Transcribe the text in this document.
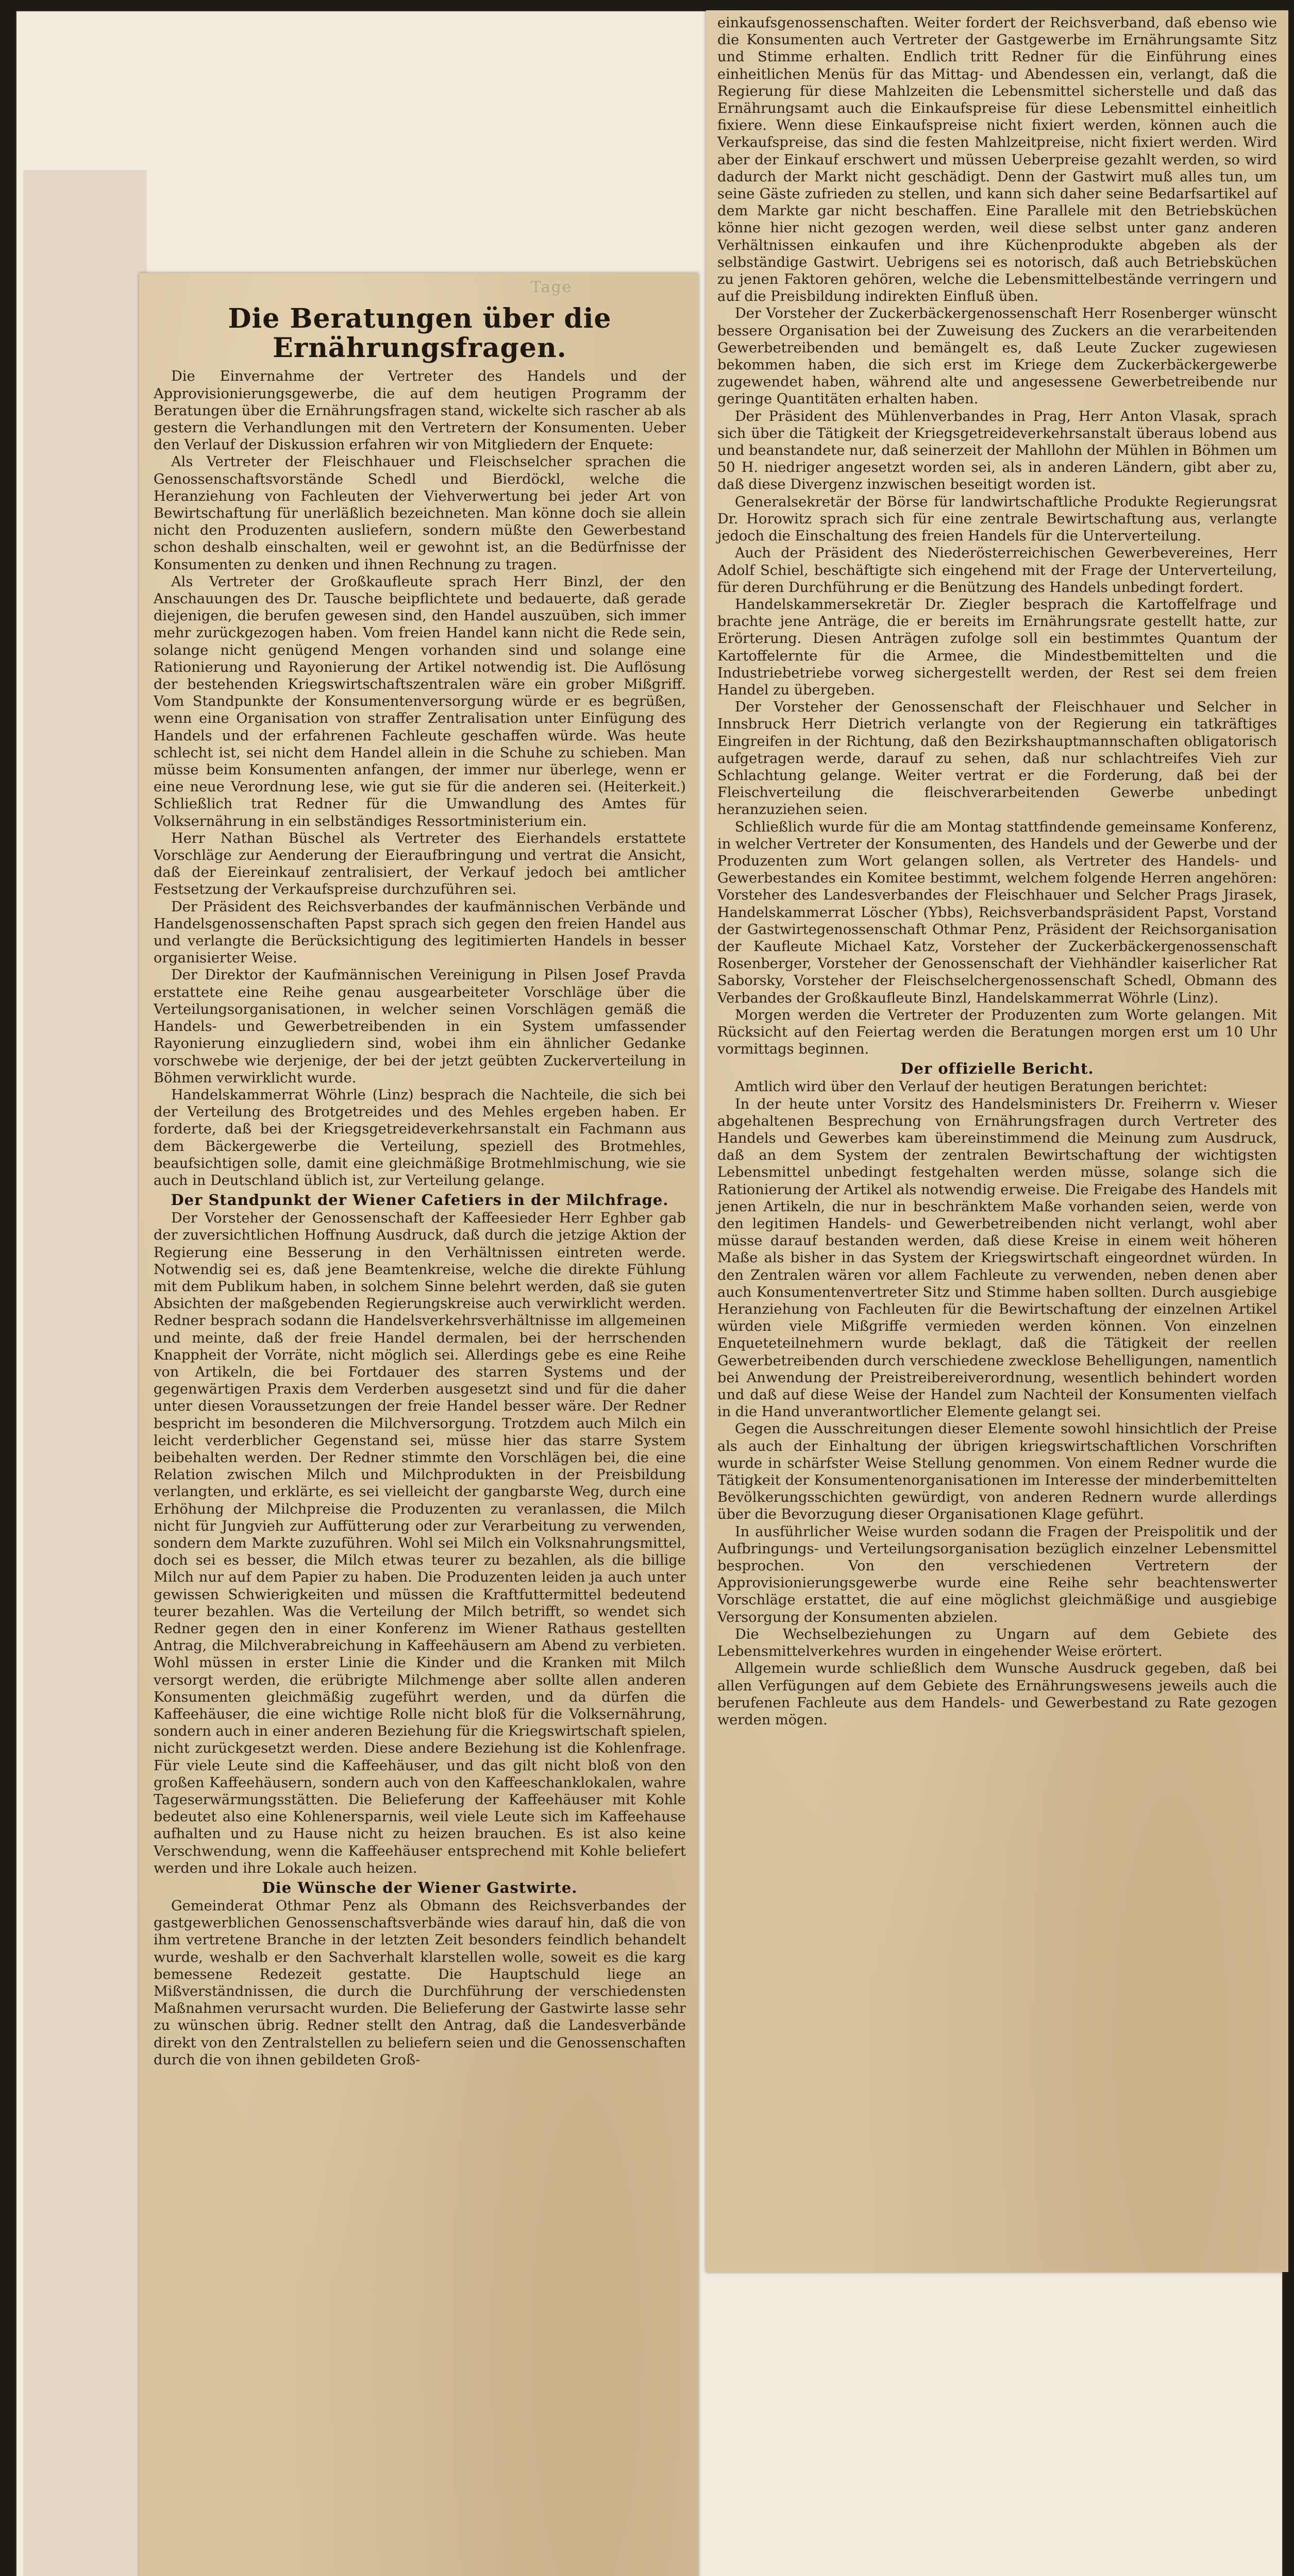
Tage
Die Beratungen über die Ernährungsfragen.

Die Einvernahme der Vertreter des Handels und der Approvisionierungsgewerbe, die auf dem heutigen Programm der Beratungen über die Ernährungsfragen stand, wickelte sich rascher ab als gestern die Verhandlungen mit den Vertretern der Konsumenten. Ueber den Verlauf der Diskussion erfahren wir von Mitgliedern der Enquete:

Als Vertreter der Fleischhauer und Fleischselcher sprachen die Genossenschaftsvorstände Schedl und Bierdöckl, welche die Heranziehung von Fachleuten der Viehverwertung bei jeder Art von Bewirtschaftung für unerläßlich bezeichneten. Man könne doch sie allein nicht den Produzenten ausliefern, sondern müßte den Gewerbestand schon deshalb einschalten, weil er gewohnt ist, an die Bedürfnisse der Konsumenten zu denken und ihnen Rechnung zu tragen.

Als Vertreter der Großkaufleute sprach Herr Binzl, der den Anschauungen des Dr. Tausche beipflichtete und bedauerte, daß gerade diejenigen, die berufen gewesen sind, den Handel auszuüben, sich immer mehr zurückgezogen haben. Vom freien Handel kann nicht die Rede sein, solange nicht genügend Mengen vorhanden sind und solange eine Rationierung und Rayonierung der Artikel notwendig ist. Die Auflösung der bestehenden Kriegswirtschaftszentralen wäre ein grober Mißgriff. Vom Standpunkte der Konsumentenversorgung würde er es begrüßen, wenn eine Organisation von straffer Zentralisation unter Einfügung des Handels und der erfahrenen Fachleute geschaffen würde. Was heute schlecht ist, sei nicht dem Handel allein in die Schuhe zu schieben. Man müsse beim Konsumenten anfangen, der immer nur überlege, wenn er eine neue Verordnung lese, wie gut sie für die anderen sei. (Heiterkeit.) Schließlich trat Redner für die Umwandlung des Amtes für Volksernährung in ein selbständiges Ressortministerium ein.

Herr Nathan Büschel als Vertreter des Eierhandels erstattete Vorschläge zur Aenderung der Eieraufbringung und vertrat die Ansicht, daß der Eiereinkauf zentralisiert, der Verkauf jedoch bei amtlicher Festsetzung der Verkaufspreise durchzuführen sei.

Der Präsident des Reichsverbandes der kaufmännischen Verbände und Handelsgenossenschaften Papst sprach sich gegen den freien Handel aus und verlangte die Berücksichtigung des legitimierten Handels in besser organisierter Weise.

Der Direktor der Kaufmännischen Vereinigung in Pilsen Josef Pravda erstattete eine Reihe genau ausgearbeiteter Vorschläge über die Verteilungsorganisationen, in welcher seinen Vorschlägen gemäß die Handels- und Gewerbetreibenden in ein System umfassender Rayonierung einzugliedern sind, wobei ihm ein ähnlicher Gedanke vorschwebe wie derjenige, der bei der jetzt geübten Zuckerverteilung in Böhmen verwirklicht wurde.

Handelskammerrat Wöhrle (Linz) besprach die Nachteile, die sich bei der Verteilung des Brotgetreides und des Mehles ergeben haben. Er forderte, daß bei der Kriegsgetreideverkehrsanstalt ein Fachmann aus dem Bäckergewerbe die Verteilung, speziell des Brotmehles, beaufsichtigen solle, damit eine gleichmäßige Brotmehlmischung, wie sie auch in Deutschland üblich ist, zur Verteilung gelange.

Der Standpunkt der Wiener Cafetiers in der Milchfrage.

Der Vorsteher der Genossenschaft der Kaffeesieder Herr Eghber gab der zuversichtlichen Hoffnung Ausdruck, daß durch die jetzige Aktion der Regierung eine Besserung in den Verhältnissen eintreten werde. Notwendig sei es, daß jene Beamtenkreise, welche die direkte Fühlung mit dem Publikum haben, in solchem Sinne belehrt werden, daß sie guten Absichten der maßgebenden Regierungskreise auch verwirklicht werden. Redner besprach sodann die Handelsverkehrsverhältnisse im allgemeinen und meinte, daß der freie Handel dermalen, bei der herrschenden Knappheit der Vorräte, nicht möglich sei. Allerdings gebe es eine Reihe von Artikeln, die bei Fortdauer des starren Systems und der gegenwärtigen Praxis dem Verderben ausgesetzt sind und für die daher unter diesen Voraussetzungen der freie Handel besser wäre. Der Redner bespricht im besonderen die Milchversorgung. Trotzdem auch Milch ein leicht verderblicher Gegenstand sei, müsse hier das starre System beibehalten werden. Der Redner stimmte den Vorschlägen bei, die eine Relation zwischen Milch und Milchprodukten in der Preisbildung verlangten, und erklärte, es sei vielleicht der gangbarste Weg, durch eine Erhöhung der Milchpreise die Produzenten zu veranlassen, die Milch nicht für Jungvieh zur Auffütterung oder zur Verarbeitung zu verwenden, sondern dem Markte zuzuführen. Wohl sei Milch ein Volksnahrungsmittel, doch sei es besser, die Milch etwas teurer zu bezahlen, als die billige Milch nur auf dem Papier zu haben. Die Produzenten leiden ja auch unter gewissen Schwierigkeiten und müssen die Kraftfuttermittel bedeutend teurer bezahlen. Was die Verteilung der Milch betrifft, so wendet sich Redner gegen den in einer Konferenz im Wiener Rathaus gestellten Antrag, die Milchverabreichung in Kaffeehäusern am Abend zu verbieten. Wohl müssen in erster Linie die Kinder und die Kranken mit Milch versorgt werden, die erübrigte Milchmenge aber sollte allen anderen Konsumenten gleichmäßig zugeführt werden, und da dürfen die Kaffeehäuser, die eine wichtige Rolle nicht bloß für die Volksernährung, sondern auch in einer anderen Beziehung für die Kriegswirtschaft spielen, nicht zurückgesetzt werden. Diese andere Beziehung ist die Kohlenfrage. Für viele Leute sind die Kaffeehäuser, und das gilt nicht bloß von den großen Kaffeehäusern, sondern auch von den Kaffeeschanklokalen, wahre Tageserwärmungsstätten. Die Belieferung der Kaffeehäuser mit Kohle bedeutet also eine Kohlenersparnis, weil viele Leute sich im Kaffeehause aufhalten und zu Hause nicht zu heizen brauchen. Es ist also keine Verschwendung, wenn die Kaffeehäuser entsprechend mit Kohle beliefert werden und ihre Lokale auch heizen.

Die Wünsche der Wiener Gastwirte.

Gemeinderat Othmar Penz als Obmann des Reichsverbandes der gastgewerblichen Genossenschaftsverbände wies darauf hin, daß die von ihm vertretene Branche in der letzten Zeit besonders feindlich behandelt wurde, weshalb er den Sachverhalt klarstellen wolle, soweit es die karg bemessene Redezeit gestatte. Die Hauptschuld liege an Mißverständnissen, die durch die Durchführung der verschiedensten Maßnahmen verursacht wurden. Die Belieferung der Gastwirte lasse sehr zu wünschen übrig. Redner stellt den Antrag, daß die Landesverbände direkt von den Zentralstellen zu beliefern seien und die Genossenschaften durch die von ihnen gebildeten Groß-

einkaufsgenossenschaften. Weiter fordert der Reichsverband, daß ebenso wie die Konsumenten auch Vertreter der Gastgewerbe im Ernährungsamte Sitz und Stimme erhalten. Endlich tritt Redner für die Einführung eines einheitlichen Menüs für das Mittag- und Abendessen ein, verlangt, daß die Regierung für diese Mahlzeiten die Lebensmittel sicherstelle und daß das Ernährungsamt auch die Einkaufspreise für diese Lebensmittel einheitlich fixiere. Wenn diese Einkaufspreise nicht fixiert werden, können auch die Verkaufspreise, das sind die festen Mahlzeitpreise, nicht fixiert werden. Wird aber der Einkauf erschwert und müssen Ueberpreise gezahlt werden, so wird dadurch der Markt nicht geschädigt. Denn der Gastwirt muß alles tun, um seine Gäste zufrieden zu stellen, und kann sich daher seine Bedarfsartikel auf dem Markte gar nicht beschaffen. Eine Parallele mit den Betriebsküchen könne hier nicht gezogen werden, weil diese selbst unter ganz anderen Verhältnissen einkaufen und ihre Küchenprodukte abgeben als der selbständige Gastwirt. Uebrigens sei es notorisch, daß auch Betriebsküchen zu jenen Faktoren gehören, welche die Lebensmittelbestände verringern und auf die Preisbildung indirekten Einfluß üben.

Der Vorsteher der Zuckerbäckergenossenschaft Herr Rosenberger wünscht bessere Organisation bei der Zuweisung des Zuckers an die verarbeitenden Gewerbetreibenden und bemängelt es, daß Leute Zucker zugewiesen bekommen haben, die sich erst im Kriege dem Zuckerbäckergewerbe zugewendet haben, während alte und angesessene Gewerbetreibende nur geringe Quantitäten erhalten haben.

Der Präsident des Mühlenverbandes in Prag, Herr Anton Vlasak, sprach sich über die Tätigkeit der Kriegsgetreideverkehrsanstalt überaus lobend aus und beanstandete nur, daß seinerzeit der Mahllohn der Mühlen in Böhmen um 50 H. niedriger angesetzt worden sei, als in anderen Ländern, gibt aber zu, daß diese Divergenz inzwischen beseitigt worden ist.

Generalsekretär der Börse für landwirtschaftliche Produkte Regierungsrat Dr. Horowitz sprach sich für eine zentrale Bewirtschaftung aus, verlangte jedoch die Einschaltung des freien Handels für die Unterverteilung.

Auch der Präsident des Niederösterreichischen Gewerbevereines, Herr Adolf Schiel, beschäftigte sich eingehend mit der Frage der Unterverteilung, für deren Durchführung er die Benützung des Handels unbedingt fordert.

Handelskammersekretär Dr. Ziegler besprach die Kartoffelfrage und brachte jene Anträge, die er bereits im Ernährungsrate gestellt hatte, zur Erörterung. Diesen Anträgen zufolge soll ein bestimmtes Quantum der Kartoffelernte für die Armee, die Mindestbemittelten und die Industriebetriebe vorweg sichergestellt werden, der Rest sei dem freien Handel zu übergeben.

Der Vorsteher der Genossenschaft der Fleischhauer und Selcher in Innsbruck Herr Dietrich verlangte von der Regierung ein tatkräftiges Eingreifen in der Richtung, daß den Bezirkshauptmannschaften obligatorisch aufgetragen werde, darauf zu sehen, daß nur schlachtreifes Vieh zur Schlachtung gelange. Weiter vertrat er die Forderung, daß bei der Fleischverteilung die fleischverarbeitenden Gewerbe unbedingt heranzuziehen seien.

Schließlich wurde für die am Montag stattfindende gemeinsame Konferenz, in welcher Vertreter der Konsumenten, des Handels und der Gewerbe und der Produzenten zum Wort gelangen sollen, als Vertreter des Handels- und Gewerbestandes ein Komitee bestimmt, welchem folgende Herren angehören: Vorsteher des Landesverbandes der Fleischhauer und Selcher Prags Jirasek, Handelskammerrat Löscher (Ybbs), Reichsverbandspräsident Papst, Vorstand der Gastwirtegenossenschaft Othmar Penz, Präsident der Reichsorganisation der Kaufleute Michael Katz, Vorsteher der Zuckerbäckergenossenschaft Rosenberger, Vorsteher der Genossenschaft der Viehhändler kaiserlicher Rat Saborsky, Vorsteher der Fleischselchergenossenschaft Schedl, Obmann des Verbandes der Großkaufleute Binzl, Handelskammerrat Wöhrle (Linz).

Morgen werden die Vertreter der Produzenten zum Worte gelangen. Mit Rücksicht auf den Feiertag werden die Beratungen morgen erst um 10 Uhr vormittags beginnen.

Der offizielle Bericht.

Amtlich wird über den Verlauf der heutigen Beratungen berichtet:

In der heute unter Vorsitz des Handelsministers Dr. Freiherrn v. Wieser abgehaltenen Besprechung von Ernährungsfragen durch Vertreter des Handels und Gewerbes kam übereinstimmend die Meinung zum Ausdruck, daß an dem System der zentralen Bewirtschaftung der wichtigsten Lebensmittel unbedingt festgehalten werden müsse, solange sich die Rationierung der Artikel als notwendig erweise. Die Freigabe des Handels mit jenen Artikeln, die nur in beschränktem Maße vorhanden seien, werde von den legitimen Handels- und Gewerbetreibenden nicht verlangt, wohl aber müsse darauf bestanden werden, daß diese Kreise in einem weit höheren Maße als bisher in das System der Kriegswirtschaft eingeordnet würden. In den Zentralen wären vor allem Fachleute zu verwenden, neben denen aber auch Konsumentenvertreter Sitz und Stimme haben sollten. Durch ausgiebige Heranziehung von Fachleuten für die Bewirtschaftung der einzelnen Artikel würden viele Mißgriffe vermieden werden können. Von einzelnen Enqueteteilnehmern wurde beklagt, daß die Tätigkeit der reellen Gewerbetreibenden durch verschiedene zwecklose Behelligungen, namentlich bei Anwendung der Preistreibereiverordnung, wesentlich behindert worden und daß auf diese Weise der Handel zum Nachteil der Konsumenten vielfach in die Hand unverantwortlicher Elemente gelangt sei.

Gegen die Ausschreitungen dieser Elemente sowohl hinsichtlich der Preise als auch der Einhaltung der übrigen kriegswirtschaftlichen Vorschriften wurde in schärfster Weise Stellung genommen. Von einem Redner wurde die Tätigkeit der Konsumentenorganisationen im Interesse der minderbemittelten Bevölkerungsschichten gewürdigt, von anderen Rednern wurde allerdings über die Bevorzugung dieser Organisationen Klage geführt.

In ausführlicher Weise wurden sodann die Fragen der Preispolitik und der Aufbringungs- und Verteilungsorganisation bezüglich einzelner Lebensmittel besprochen. Von den verschiedenen Vertretern der Approvisionierungsgewerbe wurde eine Reihe sehr beachtenswerter Vorschläge erstattet, die auf eine möglichst gleichmäßige und ausgiebige Versorgung der Konsumenten abzielen.

Die Wechselbeziehungen zu Ungarn auf dem Gebiete des Lebensmittelverkehres wurden in eingehender Weise erörtert.

Allgemein wurde schließlich dem Wunsche Ausdruck gegeben, daß bei allen Verfügungen auf dem Gebiete des Ernährungswesens jeweils auch die berufenen Fachleute aus dem Handels- und Gewerbestand zu Rate gezogen werden mögen.
